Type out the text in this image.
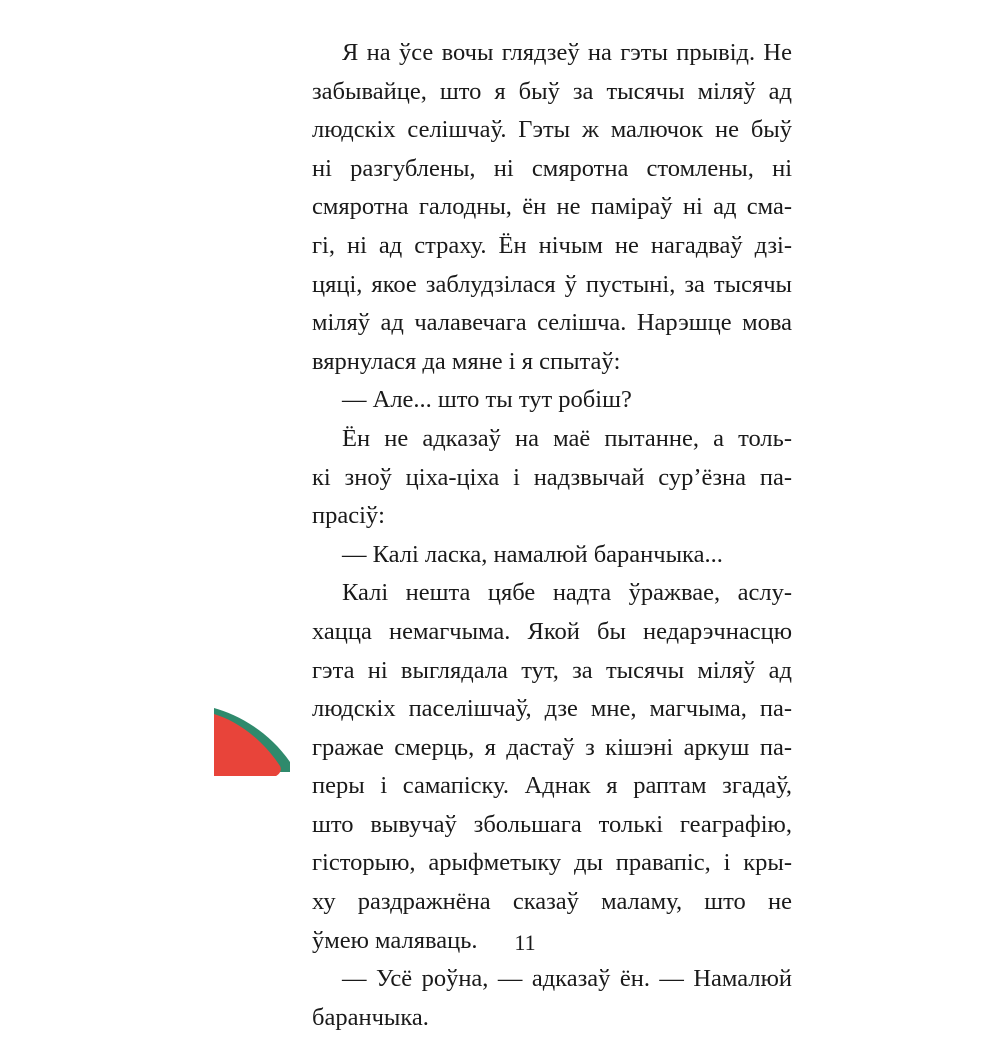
Я на ўсе вочы глядзеў на гэты прывід. Не
забывайце, што я быў за тысячы міляў ад
людскіх селішчаў. Гэты ж малючок не быў
ні разгублены, ні смяротна стомлены, ні
смяротна галодны, ён не паміраў ні ад сма-
гі, ні ад страху. Ён нічым не нагадваў дзі-
цяці, якое заблудзілася ў пустыні, за тысячы
міляў ад чалавечага селішча. Нарэшце мова
вярнулася да мяне і я спытаў:
— Але... што ты тут робіш?
Ён не адказаў на маё пытанне, а толь-
кі зноў ціха-ціха і надзвычай сур’ёзна па-
прасіў:
— Калі ласка, намалюй баранчыка...
Калі нешта цябе надта ўражвае, аслу-
хацца немагчыма. Якой бы недарэчнасцю
гэта ні выглядала тут, за тысячы міляў ад
людскіх паселішчаў, дзе мне, магчыма, па-
гражае смерць, я дастаў з кішэні аркуш па-
перы і самапіску. Аднак я раптам згадаў,
што вывучаў збольшага толькі геаграфію,
гісторыю, арыфметыку ды правапіс, і кры-
ху раздражнёна сказаў маламу, што не
ўмею маляваць.
— Усё роўна, — адказаў ён. — Намалюй
баранчыка.
11
